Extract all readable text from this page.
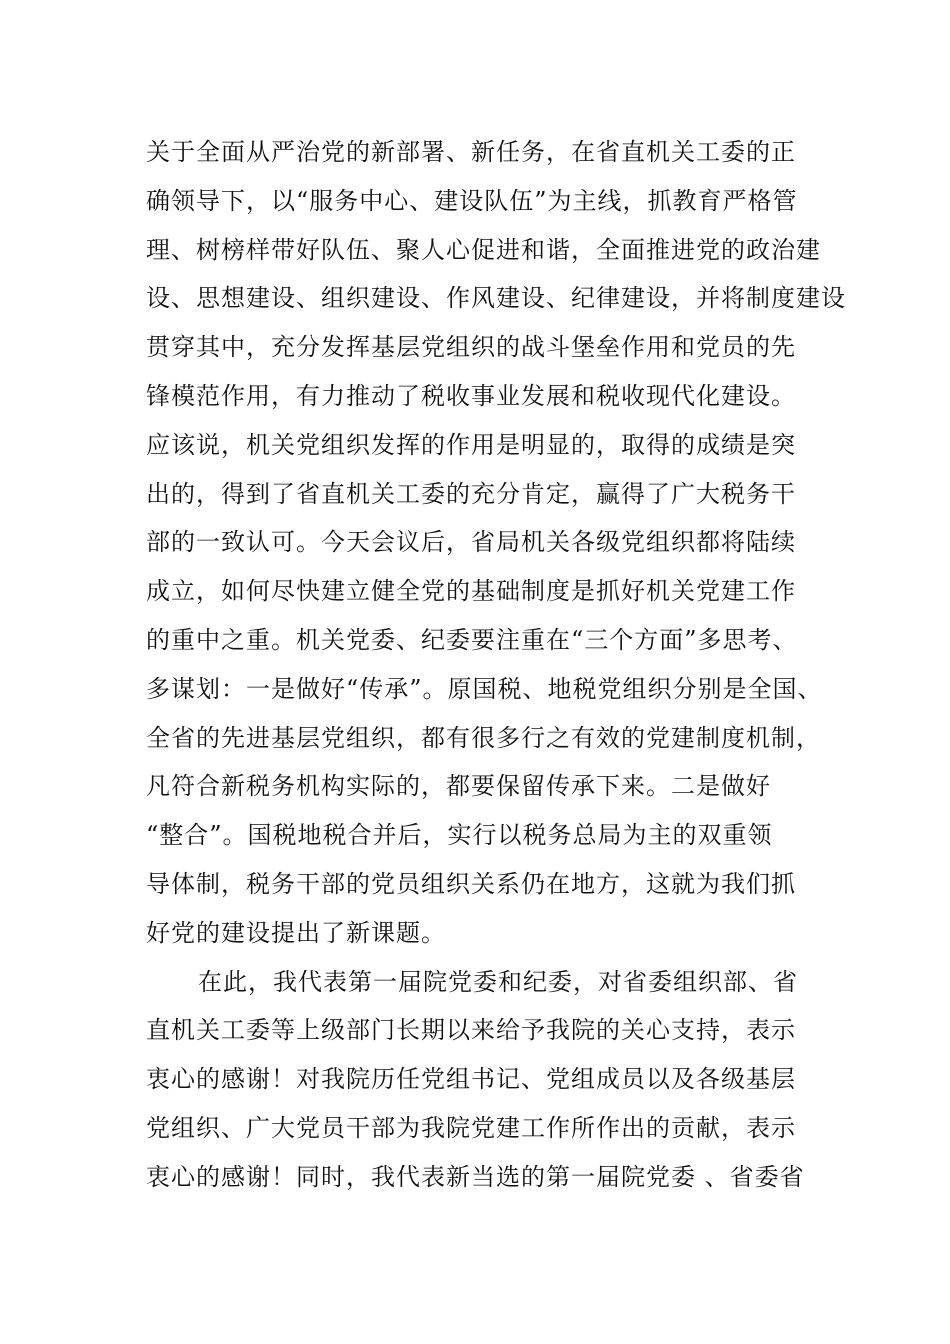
关于全面从严治党的新部署、新任务，在省直机关工委的正
确领导下，以“服务中心、建设队伍”为主线，抓教育严格管
理、树榜样带好队伍、聚人心促进和谐，全面推进党的政治建
设、思想建设、组织建设、作风建设、纪律建设，并将制度建设
贯穿其中，充分发挥基层党组织的战斗堡垒作用和党员的先
锋模范作用，有力推动了税收事业发展和税收现代化建设。
应该说，机关党组织发挥的作用是明显的，取得的成绩是突
出的，得到了省直机关工委的充分肯定，赢得了广大税务干
部的一致认可。今天会议后，省局机关各级党组织都将陆续
成立，如何尽快建立健全党的基础制度是抓好机关党建工作
的重中之重。机关党委、纪委要注重在“三个方面”多思考、
多谋划：一是做好“传承”。原国税、地税党组织分别是全国、
全省的先进基层党组织，都有很多行之有效的党建制度机制，
凡符合新税务机构实际的，都要保留传承下来。二是做好
“整合”。国税地税合并后，实行以税务总局为主的双重领
导体制，税务干部的党员组织关系仍在地方，这就为我们抓
好党的建设提出了新课题。
在此，我代表第一届院党委和纪委，对省委组织部、省
直机关工委等上级部门长期以来给予我院的关心支持，表示
衷心的感谢！对我院历任党组书记、党组成员以及各级基层
党组织、广大党员干部为我院党建工作所作出的贡献，表示
衷心的感谢！同时，我代表新当选的第一届院党委 、省委省
